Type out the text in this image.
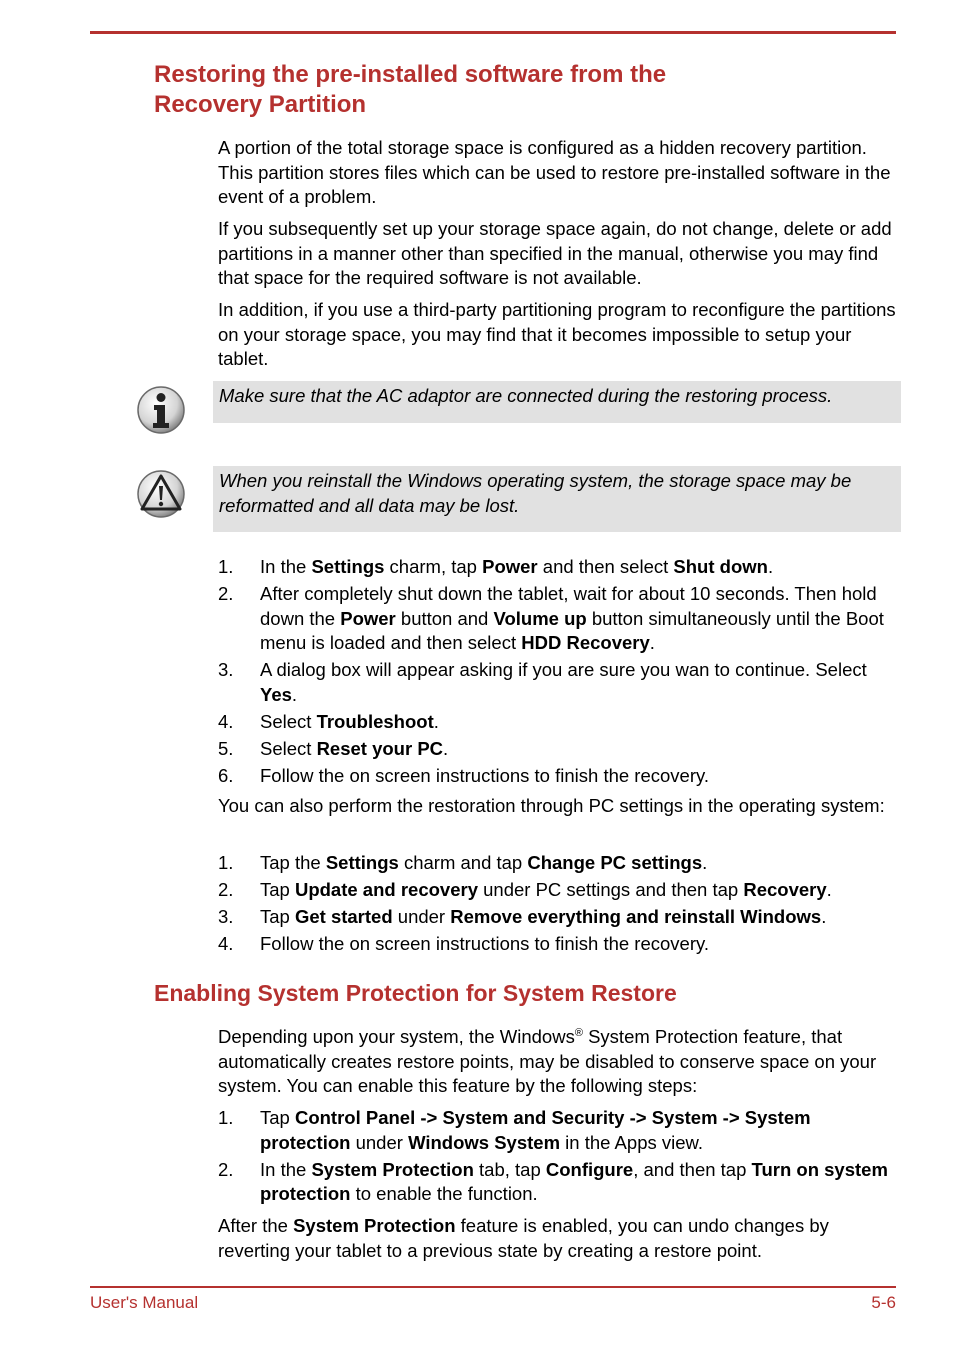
Restoring the pre-installed software from the
Recovery Partition

A portion of the total storage space is configured as a hidden recovery partition. This partition stores files which can be used to restore pre-installed software in the event of a problem.

If you subsequently set up your storage space again, do not change, delete or add partitions in a manner other than specified in the manual, otherwise you may find that space for the required software is not available.

In addition, if you use a third-party partitioning program to reconfigure the partitions on your storage space, you may find that it becomes impossible to setup your tablet.

Make sure that the AC adaptor are connected during the restoring process.
When you reinstall the Windows operating system, the storage space may be reformatted and all data may be lost.
1. In the Settings charm, tap Power and then select Shut down.
2. After completely shut down the tablet, wait for about 10 seconds. Then hold down the Power button and Volume up button simultaneously until the Boot menu is loaded and then select HDD Recovery.
3. A dialog box will appear asking if you are sure you wan to continue. Select Yes.
4. Select Troubleshoot.
5. Select Reset your PC.
6. Follow the on screen instructions to finish the recovery.

You can also perform the restoration through PC settings in the operating system:

1. Tap the Settings charm and tap Change PC settings.
2. Tap Update and recovery under PC settings and then tap Recovery.
3. Tap Get started under Remove everything and reinstall Windows.
4. Follow the on screen instructions to finish the recovery.
Enabling System Protection for System Restore

Depending upon your system, the Windows® System Protection feature, that automatically creates restore points, may be disabled to conserve space on your system. You can enable this feature by the following steps:

1. Tap Control Panel -> System and Security -> System -> System protection under Windows System in the Apps view.
2. In the System Protection tab, tap Configure, and then tap Turn on system protection to enable the function.

After the System Protection feature is enabled, you can undo changes by reverting your tablet to a previous state by creating a restore point.

User's Manual	5-6
